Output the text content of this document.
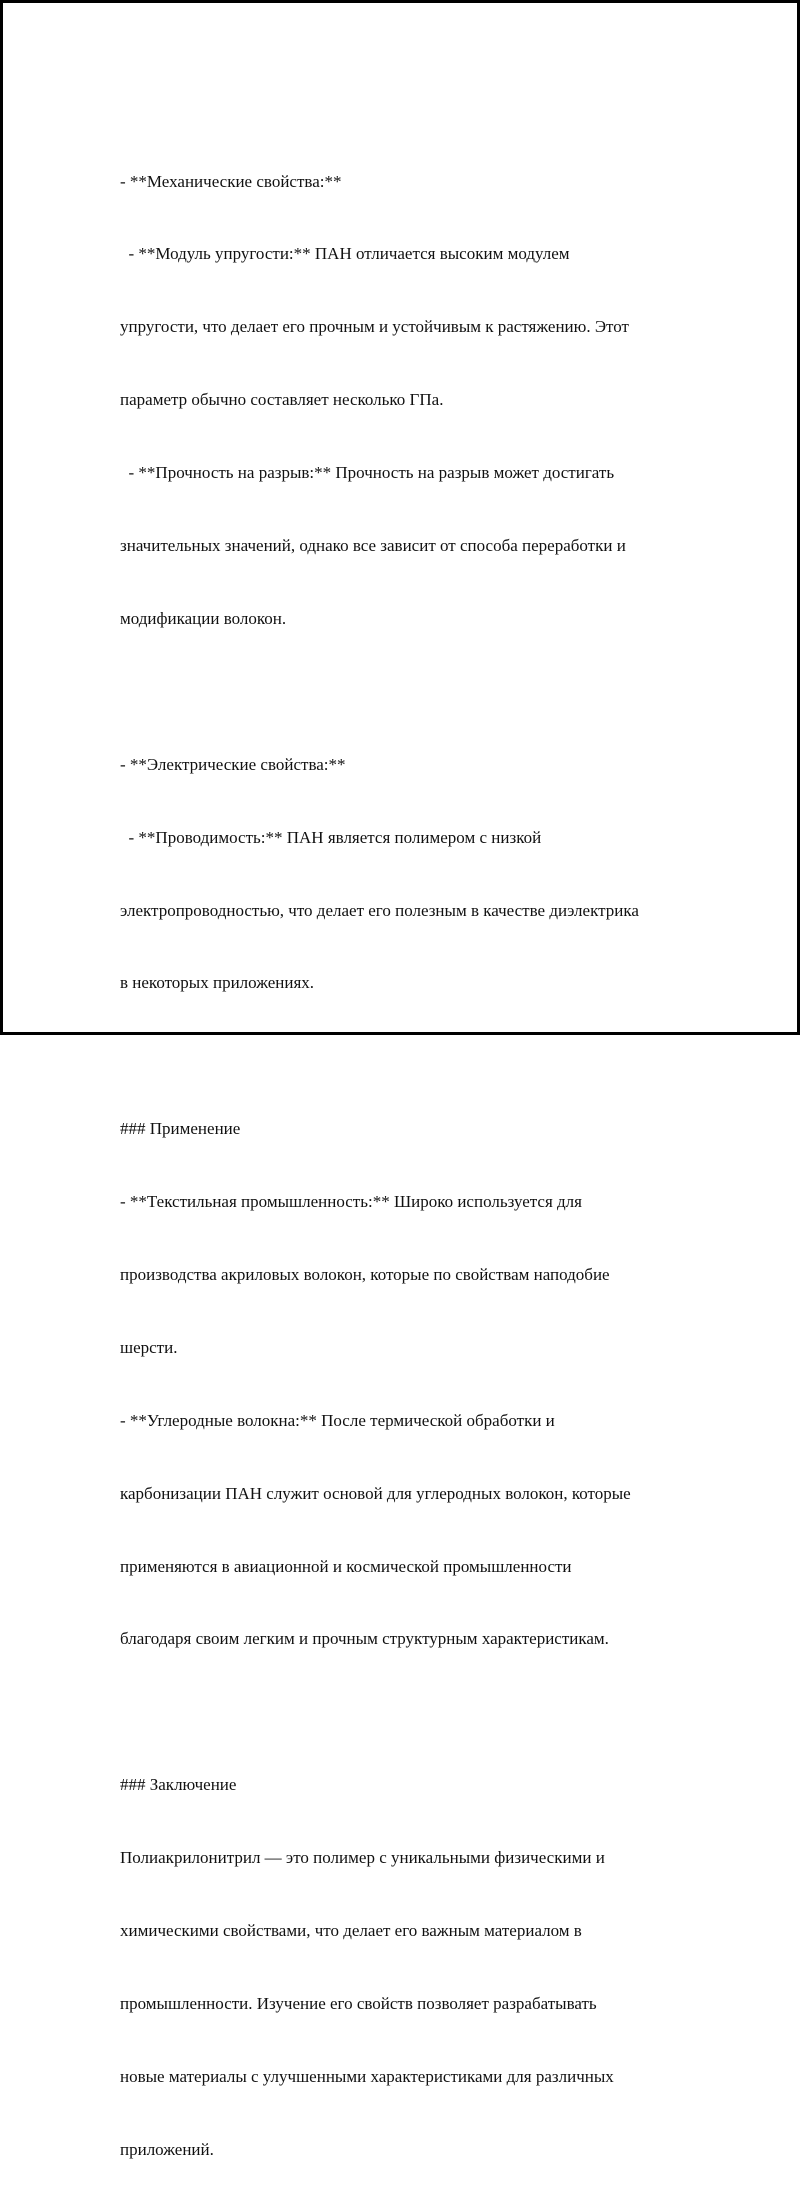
- **Механические свойства:**

- **Модуль упругости:** ПАН отличается высоким модулем

упругости, что делает его прочным и устойчивым к растяжению. Этот

параметр обычно составляет несколько ГПа.

- **Прочность на разрыв:** Прочность на разрыв может достигать

значительных значений, однако все зависит от способа переработки и

модификации волокон.

- **Электрические свойства:**

- **Проводимость:** ПАН является полимером с низкой

электропроводностью, что делает его полезным в качестве диэлектрика

в некоторых приложениях.

### Применение

- **Текстильная промышленность:** Широко используется для

производства акриловых волокон, которые по свойствам наподобие

шерсти.

- **Углеродные волокна:** После термической обработки и

карбонизации ПАН служит основой для углеродных волокон, которые

применяются в авиационной и космической промышленности

благодаря своим легким и прочным структурным характеристикам.

### Заключение

Полиакрилонитрил — это полимер с уникальными физическими и

химическими свойствами, что делает его важным материалом в

промышленности. Изучение его свойств позволяет разрабатывать

новые материалы с улучшенными характеристиками для различных

приложений.
